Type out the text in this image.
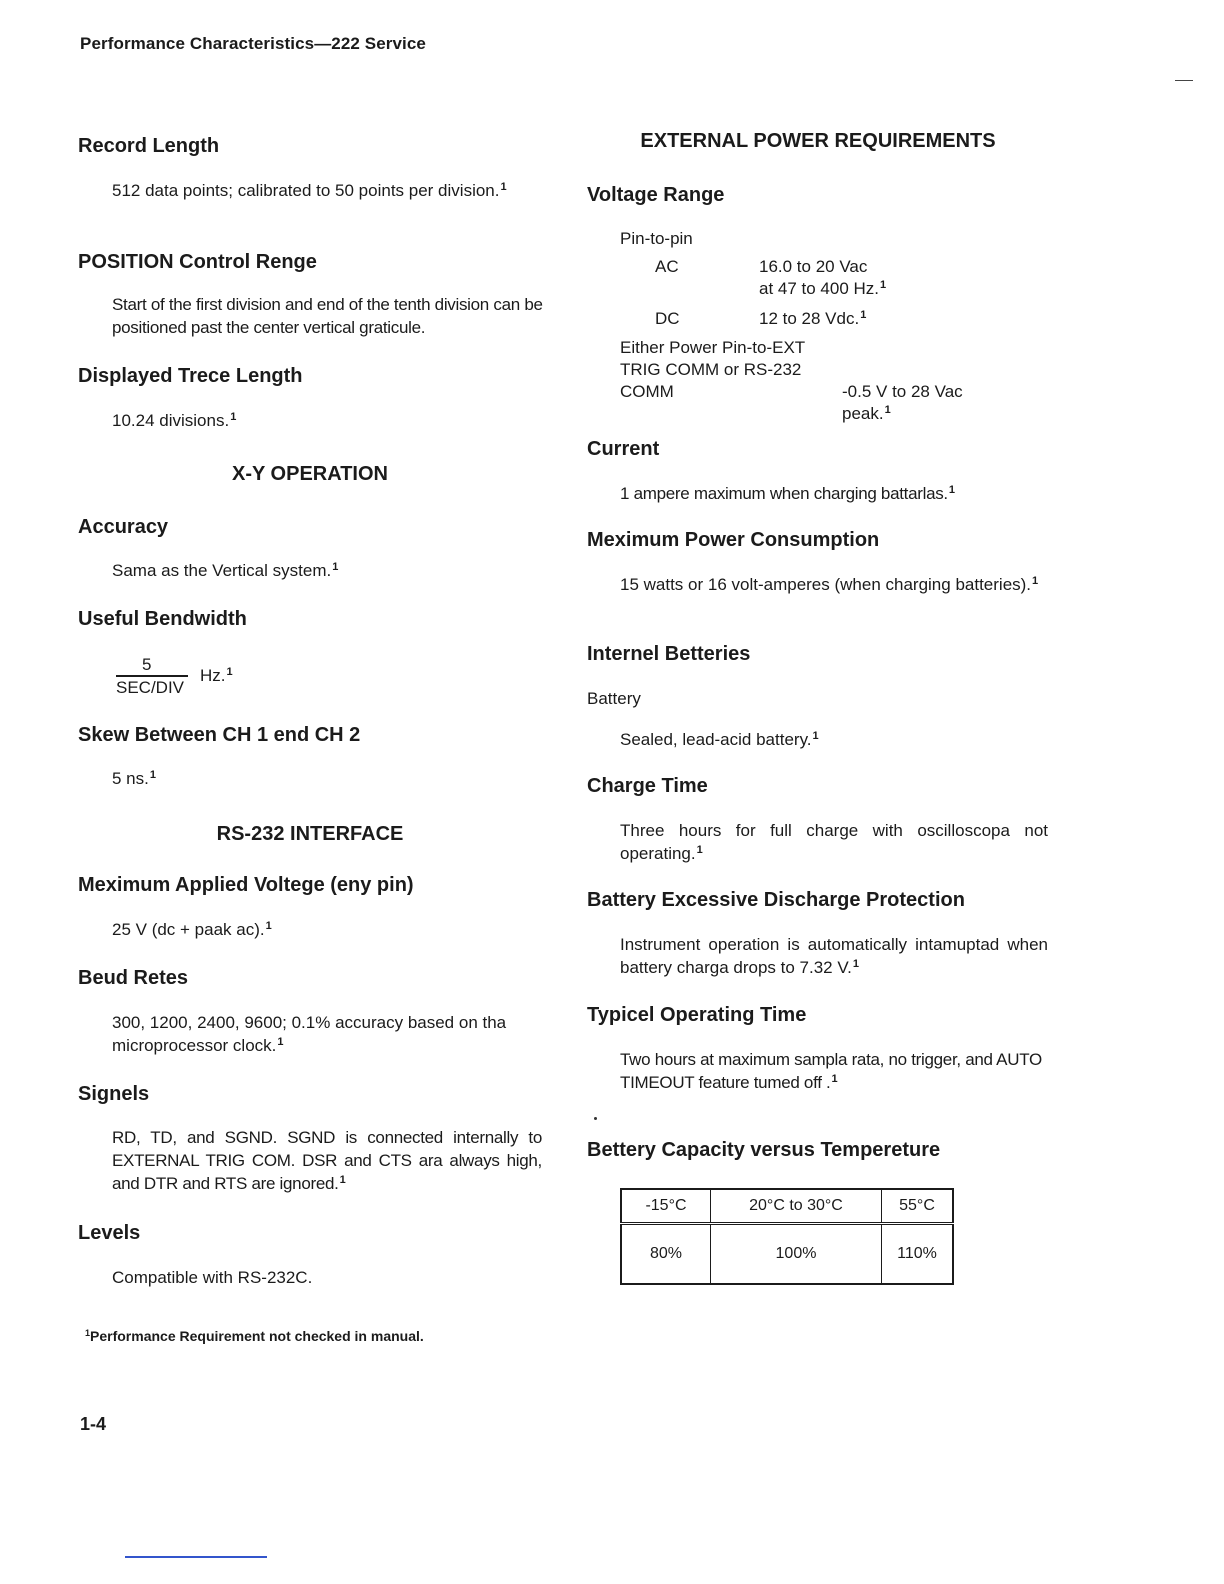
Performance Characteristics—222 Service
Record Length
512 data points; calibrated to 50 points per division.$^1$
POSITION Control Renge
Start of the first division and end of the tenth division can be positioned past the center vertical graticule.
Displayed Trece Length
10.24 divisions.$^1$
X-Y OPERATION
Accuracy
Sama as the Vertical system.$^1$
Useful Bendwidth
5
SEC/DIV
Hz.$^1$
Skew Between CH 1 end CH 2
5 ns.$^1$
RS-232 INTERFACE
Meximum Applied Voltege (eny pin)
25 V (dc + paak ac).$^1$
Beud Retes
300, 1200, 2400, 9600; 0.1% accuracy based on tha microprocessor clock.$^1$
Signels
RD, TD, and SGND. SGND is connected internally to EXTERNAL TRIG COM. DSR and CTS ara always high, and DTR and RTS are ignored.$^1$
Levels
Compatible with RS-232C.
$^1$Performance Requirement not checked in manual.
1-4
EXTERNAL POWER REQUIREMENTS
Voltage Range
Pin-to-pin
AC	16.0 to 20 Vac
at 47 to 400 Hz.$^1$
DC	12 to 28 Vdc.$^1$
Either Power Pin-to-EXT
TRIG COMM or RS-232
COMM	-0.5 V to 28 Vac
peak.$^1$
Current
1 ampere maximum when charging battarlas.$^1$
Meximum Power Consumption
15 watts or 16 volt-amperes (when charging batteries).$^1$
Internel Betteries
Battery
Sealed, lead-acid battery.$^1$
Charge Time
Three hours for full charge with oscilloscopa not operating.$^1$
Battery Excessive Discharge Protection
Instrument operation is automatically intamuptad when battery charga drops to 7.32 V.$^1$
Typicel Operating Time
Two hours at maximum sampla rata, no trigger, and AUTO TIMEOUT feature tumed off .$^1$
Bettery Capacity versus Tempereture
-15°C	20°C to 30°C	55°C
80%	100%	110%
